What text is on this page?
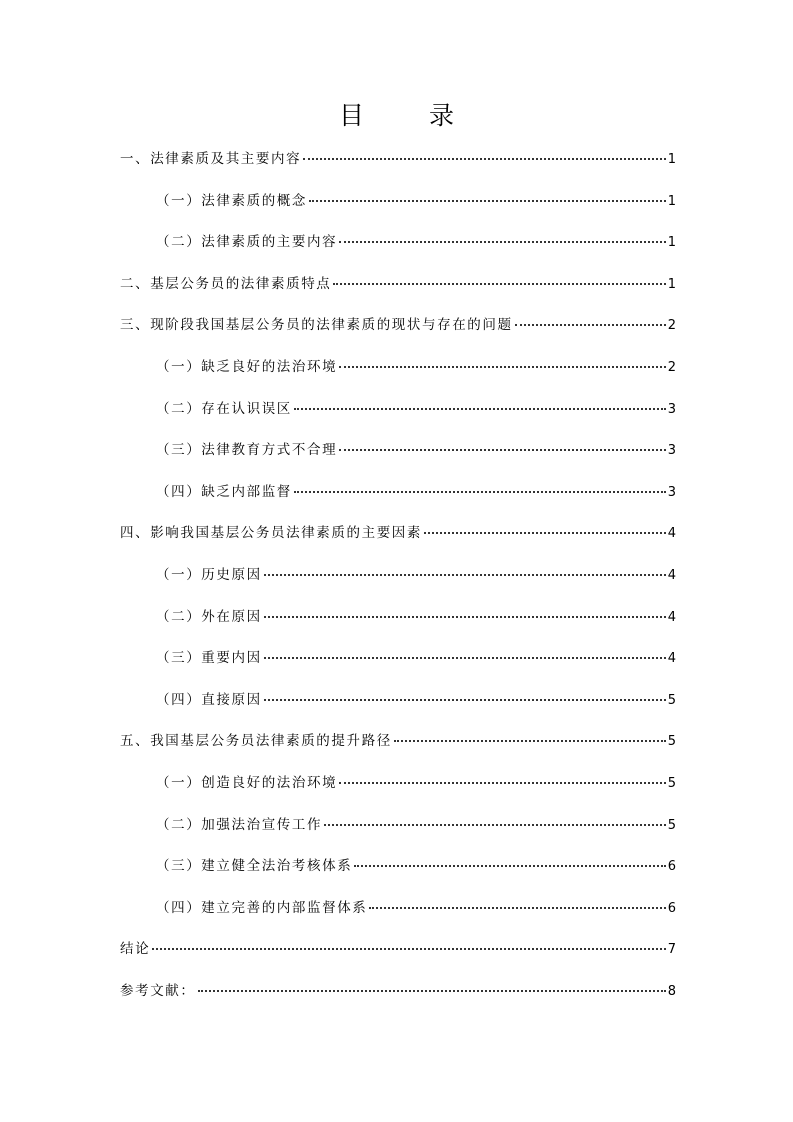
目　录
一、法律素质及其主要内容	1
（一）法律素质的概念	1
（二）法律素质的主要内容	1
二、基层公务员的法律素质特点	1
三、现阶段我国基层公务员的法律素质的现状与存在的问题	2
（一）缺乏良好的法治环境	2
（二）存在认识误区	3
（三）法律教育方式不合理	3
（四）缺乏内部监督	3
四、影响我国基层公务员法律素质的主要因素	4
（一）历史原因	4
（二）外在原因	4
（三）重要内因	4
（四）直接原因	5
五、我国基层公务员法律素质的提升路径	5
（一）创造良好的法治环境	5
（二）加强法治宣传工作	5
（三）建立健全法治考核体系	6
（四）建立完善的内部监督体系	6
结论	7
参考文献：	8
